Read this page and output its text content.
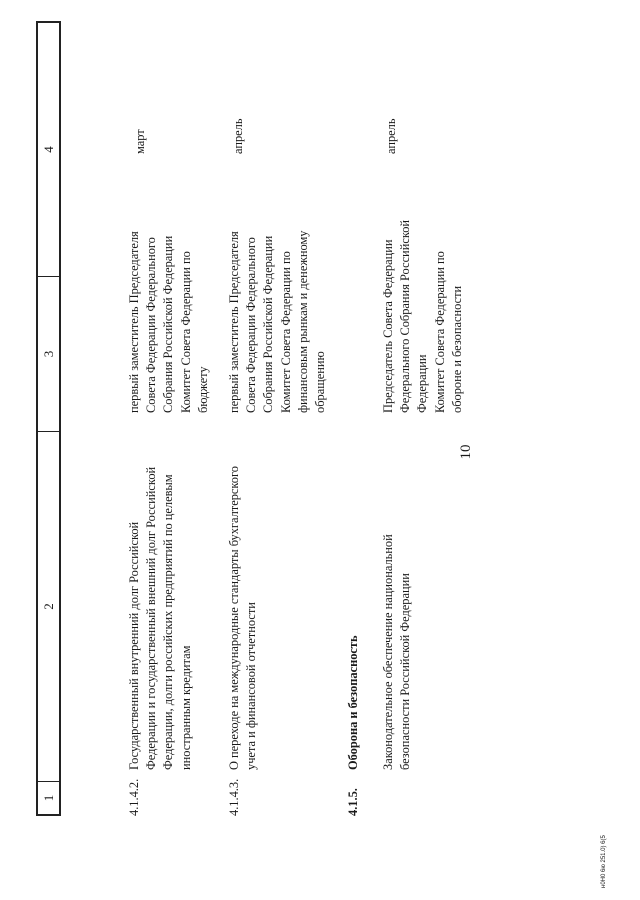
10
1
2
3
4
4.1.4.2.
Государственный внутренний долг Российской Федерации и государственный внешний долг Российской Федерации, долги российских предприятий по целевым иностранным кредитам
первый заместитель Председателя Совета Федерации Федерального Собрания Российской Федерации Комитет Совета Федерации по бюджету
март
4.1.4.3.
О переходе на международные стандарты бухгалтерского учета и финансовой отчетности
первый заместитель Председателя Совета Федерации Федерального Собрания Российской Федерации Комитет Совета Федерации по финансовым рынкам и денежному обращению
апрель
4.1.5.
Оборона и безопасность Законодательное обеспечение национальной безопасности Российской Федерации
Председатель Совета Федерации Федерального Собрания Российской Федерации Комитет Совета Федерации по обороне и безопасности
апрель
н0Н0 6ю 251.0) 6(5
